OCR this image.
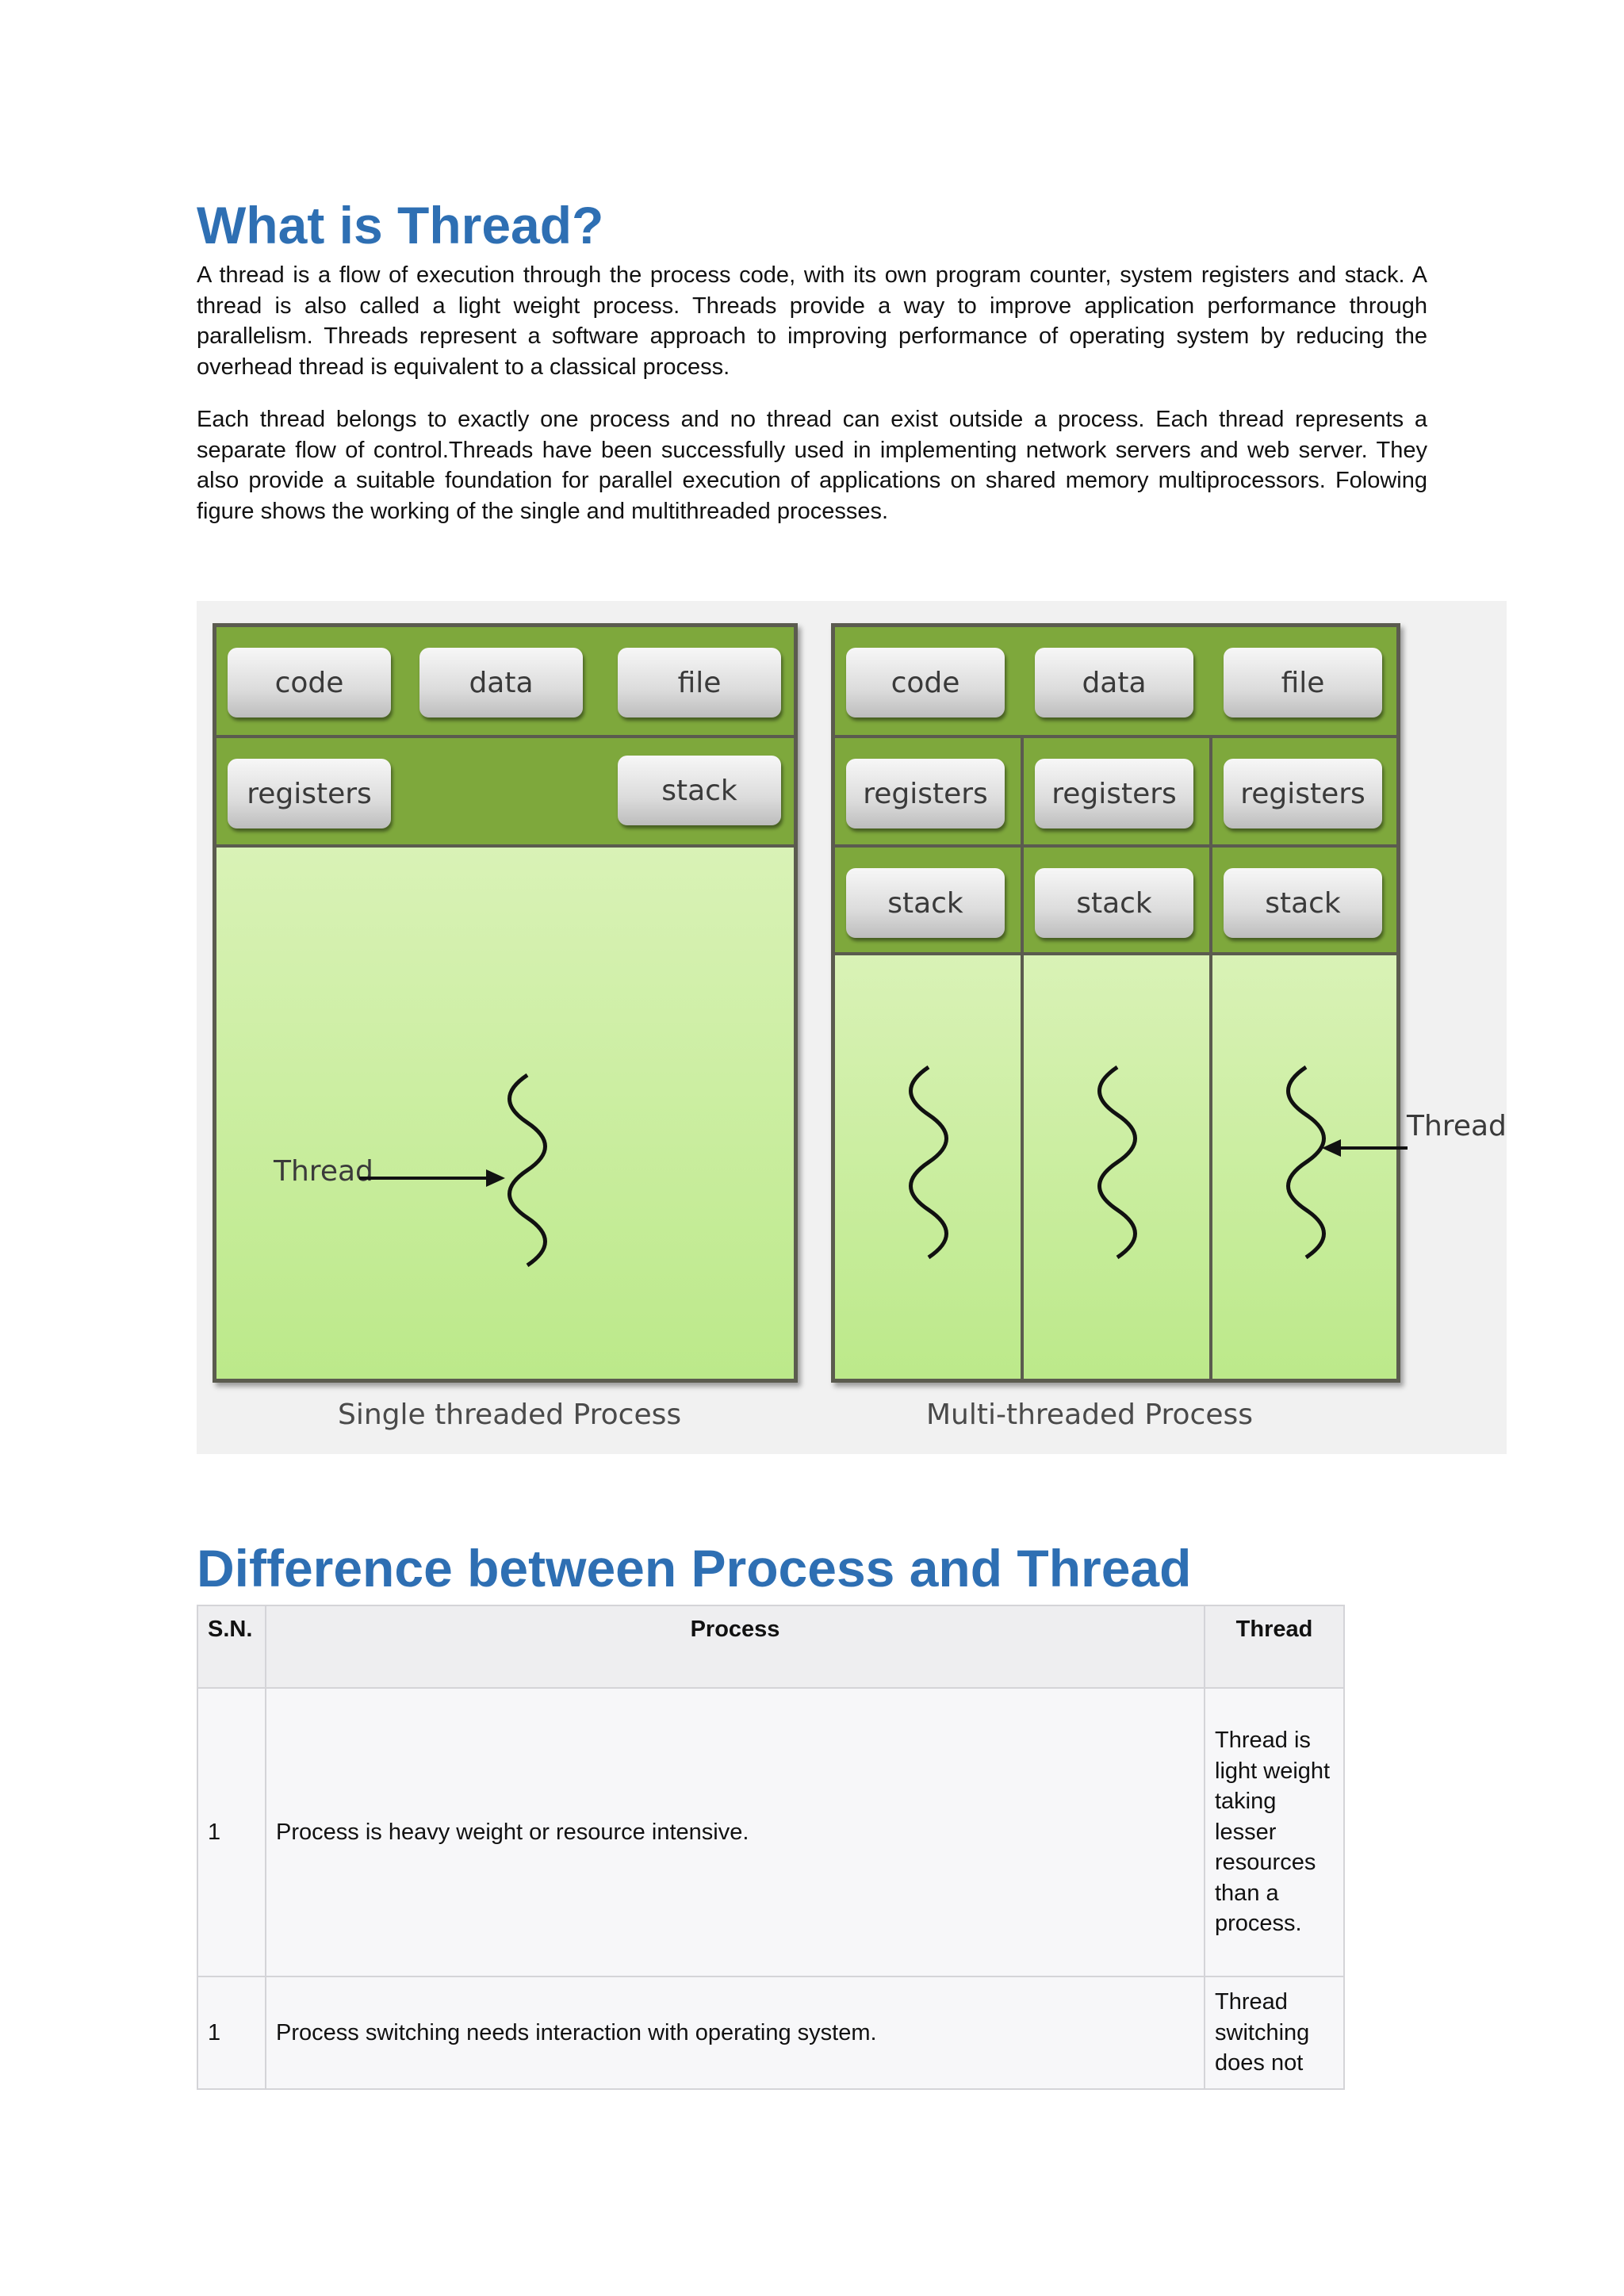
What is Thread?

A thread is a flow of execution through the process code, with its own program counter, system registers and stack. A thread is also called a light weight process. Threads provide a way to improve application performance through parallelism. Threads represent a software approach to improving performance of operating system by reducing the overhead thread is equivalent to a classical process.

Each thread belongs to exactly one process and no thread can exist outside a process. Each thread represents a separate flow of control.Threads have been successfully used in implementing network servers and web server. They also provide a suitable foundation for parallel execution of applications on shared memory multiprocessors. Folowing figure shows the working of the single and multithreaded processes.

code	data	file
registers	stack
Thread
Single threaded Process
code	data	file
registers	registers	registers
stack	stack	stack
Thread
Multi-threaded Process
Difference between Process and Thread
S.N.	Process	Thread
1	Process is heavy weight or resource intensive.	Thread is light weight taking lesser resources than a process.
1	Process switching needs interaction with operating system.	Thread switching does not
